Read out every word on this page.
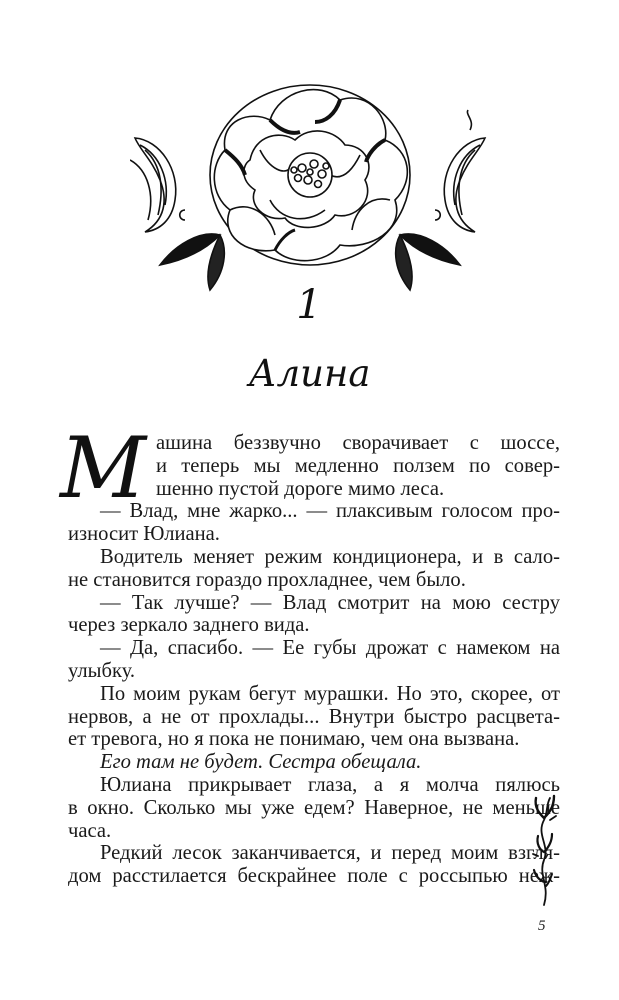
1
Алина
М ашина беззвучно сворачивает с шоссе,
и теперь мы медленно ползем по совер-
шенно пустой дороге мимо леса.
— Влад, мне жарко... — плаксивым голосом про-
износит Юлиана.
Водитель меняет режим кондиционера, и в сало-
не становится гораздо прохладнее, чем было.
— Так лучше? — Влад смотрит на мою сестру
через зеркало заднего вида.
— Да, спасибо. — Ее губы дрожат с намеком на
улыбку.
По моим рукам бегут мурашки. Но это, скорее, от
нервов, а не от прохлады... Внутри быстро расцвета-
ет тревога, но я пока не понимаю, чем она вызвана.
Его там не будет. Сестра обещала.
Юлиана прикрывает глаза, а я молча пялюсь
в окно. Сколько мы уже едем? Наверное, не меньше
часа.
Редкий лесок заканчивается, и перед моим взгля-
дом расстилается бескрайнее поле с россыпью неж-
5
